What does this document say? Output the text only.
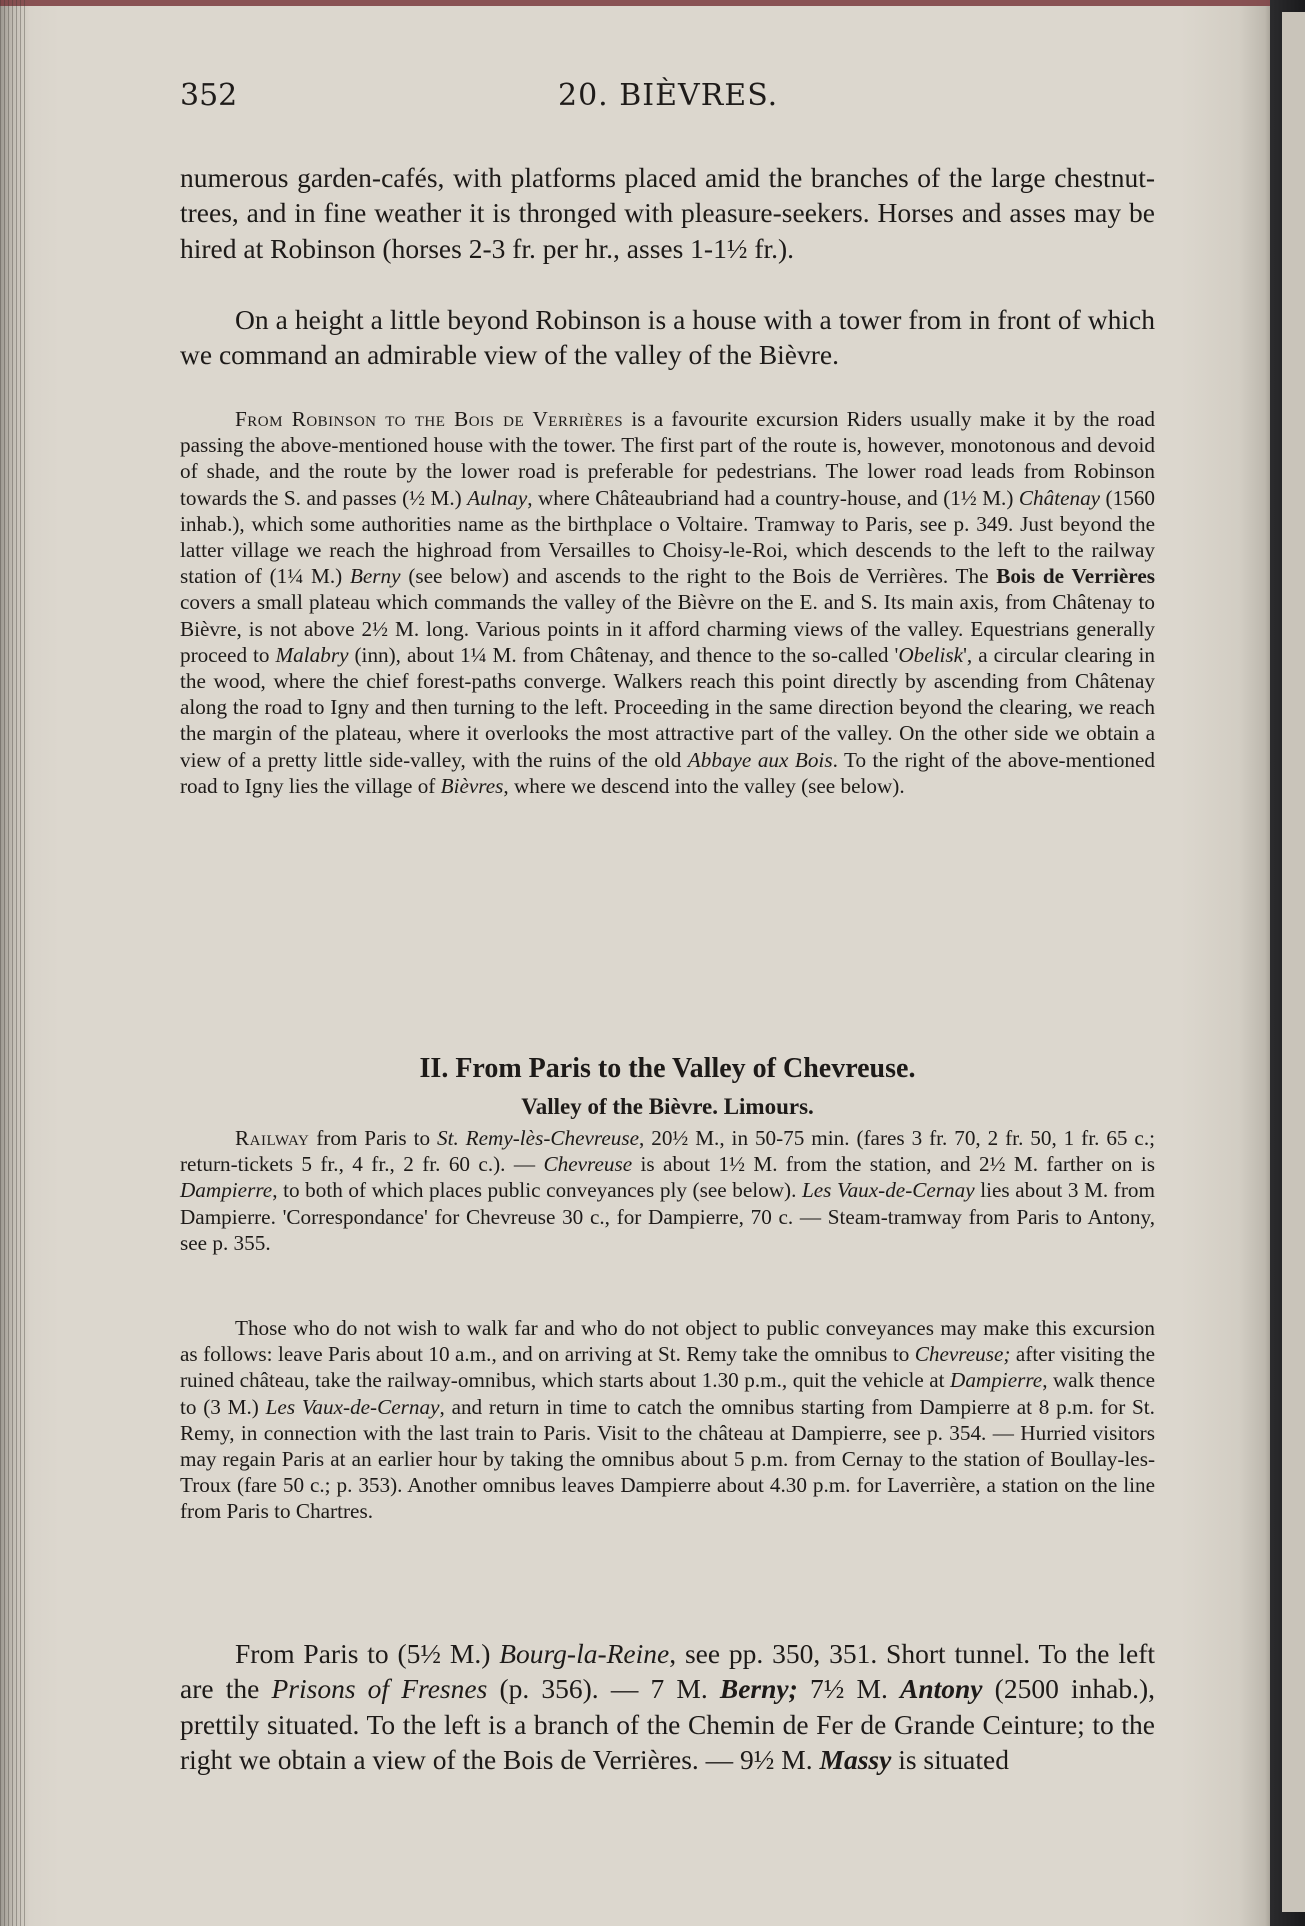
352	20. BIÈVRES.

numerous garden-cafés, with platforms placed amid the branches of the large chestnut-trees, and in fine weather it is thronged with pleasure-seekers. Horses and asses may be hired at Robinson (horses 2-3 fr. per hr., asses 1-1½ fr.).

On a height a little beyond Robinson is a house with a tower from in front of which we command an admirable view of the valley of the Bièvre.

From Robinson to the Bois de Verrières is a favourite excursion Riders usually make it by the road passing the above-mentioned house with the tower. The first part of the route is, however, monotonous and devoid of shade, and the route by the lower road is preferable for pedestrians. The lower road leads from Robinson towards the S. and passes (½ M.) Aulnay, where Châteaubriand had a country-house, and (1½ M.) Châtenay (1560 inhab.), which some authorities name as the birthplace o Voltaire. Tramway to Paris, see p. 349. Just beyond the latter village we reach the highroad from Versailles to Choisy-le-Roi, which descends to the left to the railway station of (1¼ M.) Berny (see below) and ascends to the right to the Bois de Verrières. The Bois de Verrières covers a small plateau which commands the valley of the Bièvre on the E. and S. Its main axis, from Châtenay to Bièvre, is not above 2½ M. long. Various points in it afford charming views of the valley. Equestrians generally proceed to Malabry (inn), about 1¼ M. from Châtenay, and thence to the so-called 'Obelisk', a circular clearing in the wood, where the chief forest-paths converge. Walkers reach this point directly by ascending from Châtenay along the road to Igny and then turning to the left. Proceeding in the same direction beyond the clearing, we reach the margin of the plateau, where it overlooks the most attractive part of the valley. On the other side we obtain a view of a pretty little side-valley, with the ruins of the old Abbaye aux Bois. To the right of the above-mentioned road to Igny lies the village of Bièvres, where we descend into the valley (see below).

II. From Paris to the Valley of Chevreuse.
Valley of the Bièvre. Limours.

Railway from Paris to St. Remy-lès-Chevreuse, 20½ M., in 50-75 min. (fares 3 fr. 70, 2 fr. 50, 1 fr. 65 c.; return-tickets 5 fr., 4 fr., 2 fr. 60 c.). — Chevreuse is about 1½ M. from the station, and 2½ M. farther on is Dampierre, to both of which places public conveyances ply (see below). Les Vaux-de-Cernay lies about 3 M. from Dampierre. 'Correspondance' for Chevreuse 30 c., for Dampierre, 70 c. — Steam-tramway from Paris to Antony, see p. 355.

Those who do not wish to walk far and who do not object to public conveyances may make this excursion as follows: leave Paris about 10 a.m., and on arriving at St. Remy take the omnibus to Chevreuse; after visiting the ruined château, take the railway-omnibus, which starts about 1.30 p.m., quit the vehicle at Dampierre, walk thence to (3 M.) Les Vaux-de-Cernay, and return in time to catch the omnibus starting from Dampierre at 8 p.m. for St. Remy, in connection with the last train to Paris. Visit to the château at Dampierre, see p. 354. — Hurried visitors may regain Paris at an earlier hour by taking the omnibus about 5 p.m. from Cernay to the station of Boullay-les-Troux (fare 50 c.; p. 353). Another omnibus leaves Dampierre about 4.30 p.m. for Laverrière, a station on the line from Paris to Chartres.

From Paris to (5½ M.) Bourg-la-Reine, see pp. 350, 351. Short tunnel. To the left are the Prisons of Fresnes (p. 356). — 7 M. Berny; 7½ M. Antony (2500 inhab.), prettily situated. To the left is a branch of the Chemin de Fer de Grande Ceinture; to the right we obtain a view of the Bois de Verrières. — 9½ M. Massy is situated
